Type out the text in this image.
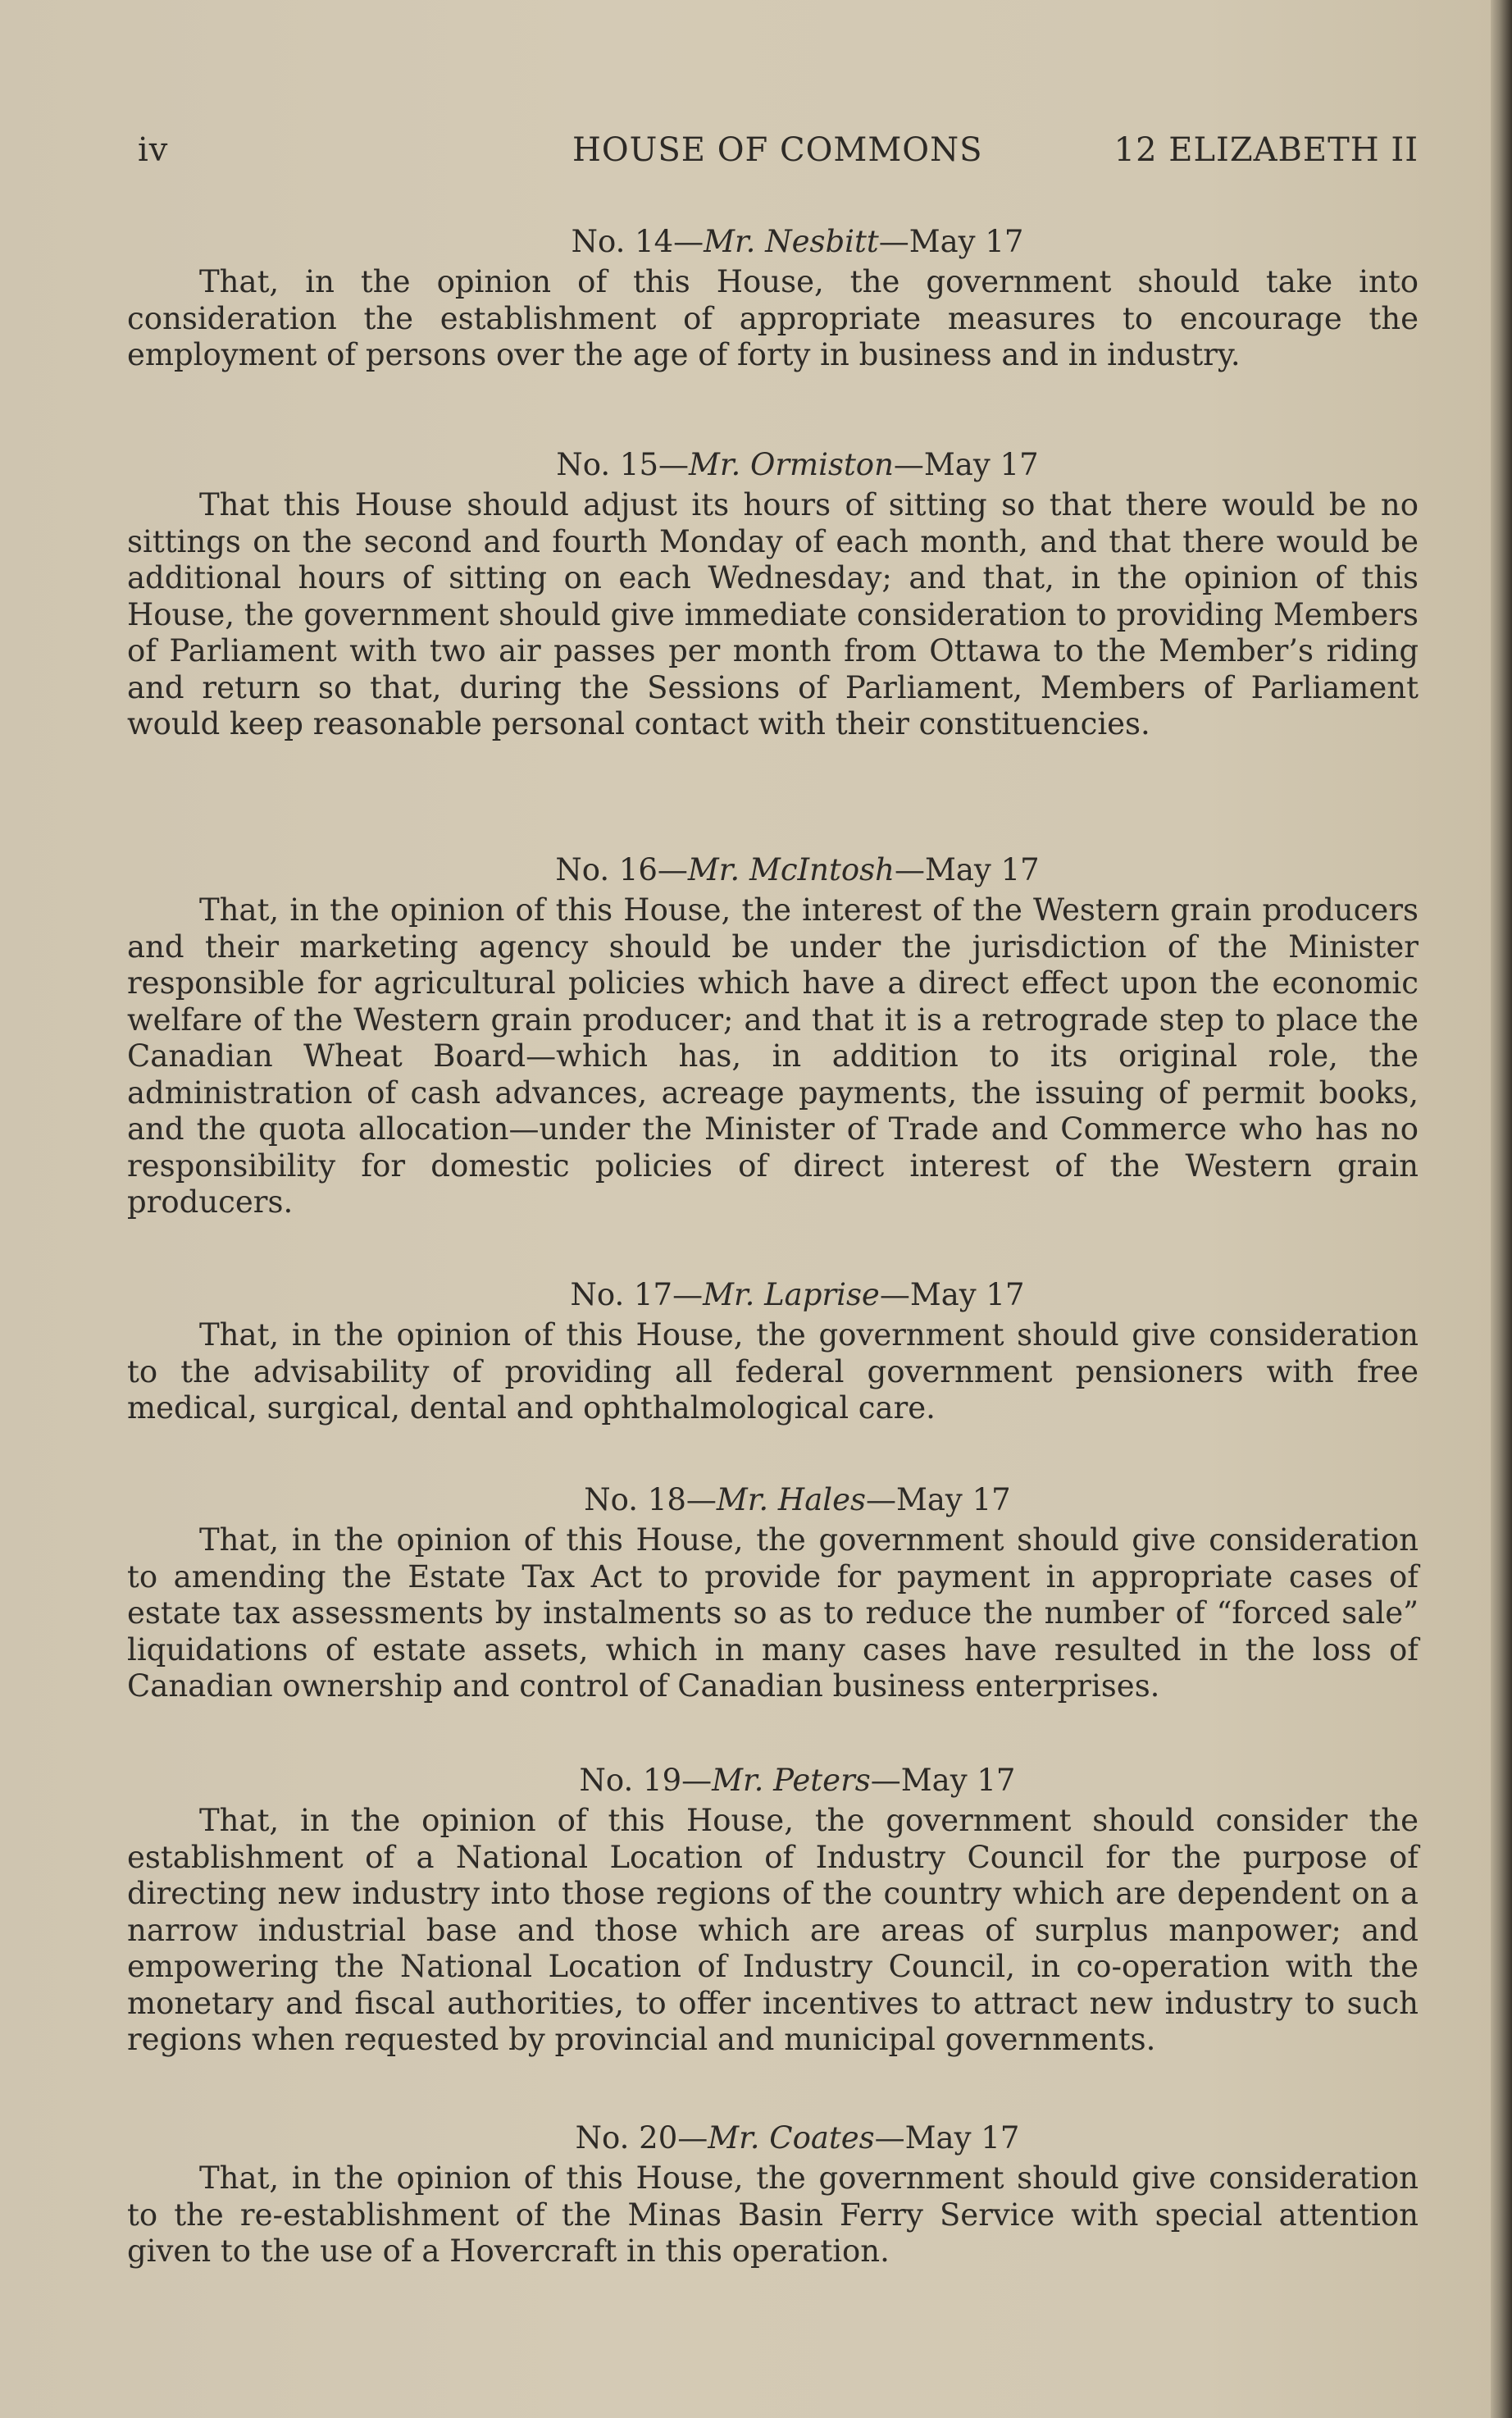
iv	HOUSE OF COMMONS	12 ELIZABETH II
No. 14—Mr. Nesbitt—May 17

That, in the opinion of this House, the government should take into consideration the establishment of appropriate measures to encourage the employment of persons over the age of forty in business and in industry.

No. 15—Mr. Ormiston—May 17

That this House should adjust its hours of sitting so that there would be no sittings on the second and fourth Monday of each month, and that there would be additional hours of sitting on each Wednesday; and that, in the opinion of this House, the government should give immediate consideration to providing Members of Parliament with two air passes per month from Ottawa to the Member’s riding and return so that, during the Sessions of Parliament, Members of Parliament would keep reasonable personal contact with their constituencies.

No. 16—Mr. McIntosh—May 17

That, in the opinion of this House, the interest of the Western grain producers and their marketing agency should be under the jurisdiction of the Minister responsible for agricultural policies which have a direct effect upon the economic welfare of the Western grain producer; and that it is a retrograde step to place the Canadian Wheat Board—which has, in addition to its original role, the administration of cash advances, acreage payments, the issuing of permit books, and the quota allocation—under the Minister of Trade and Commerce who has no responsibility for domestic policies of direct interest of the Western grain producers.

No. 17—Mr. Laprise—May 17

That, in the opinion of this House, the government should give consideration to the advisability of providing all federal government pensioners with free medical, surgical, dental and ophthalmological care.

No. 18—Mr. Hales—May 17

That, in the opinion of this House, the government should give consideration to amending the Estate Tax Act to provide for payment in appropriate cases of estate tax assessments by instalments so as to reduce the number of “forced sale” liquidations of estate assets, which in many cases have resulted in the loss of Canadian ownership and control of Canadian business enterprises.

No. 19—Mr. Peters—May 17

That, in the opinion of this House, the government should consider the establishment of a National Location of Industry Council for the purpose of directing new industry into those regions of the country which are dependent on a narrow industrial base and those which are areas of surplus manpower; and empowering the National Location of Industry Council, in co-operation with the monetary and fiscal authorities, to offer incentives to attract new industry to such regions when requested by provincial and municipal governments.

No. 20—Mr. Coates—May 17

That, in the opinion of this House, the government should give consideration to the re-establishment of the Minas Basin Ferry Service with special attention given to the use of a Hovercraft in this operation.
